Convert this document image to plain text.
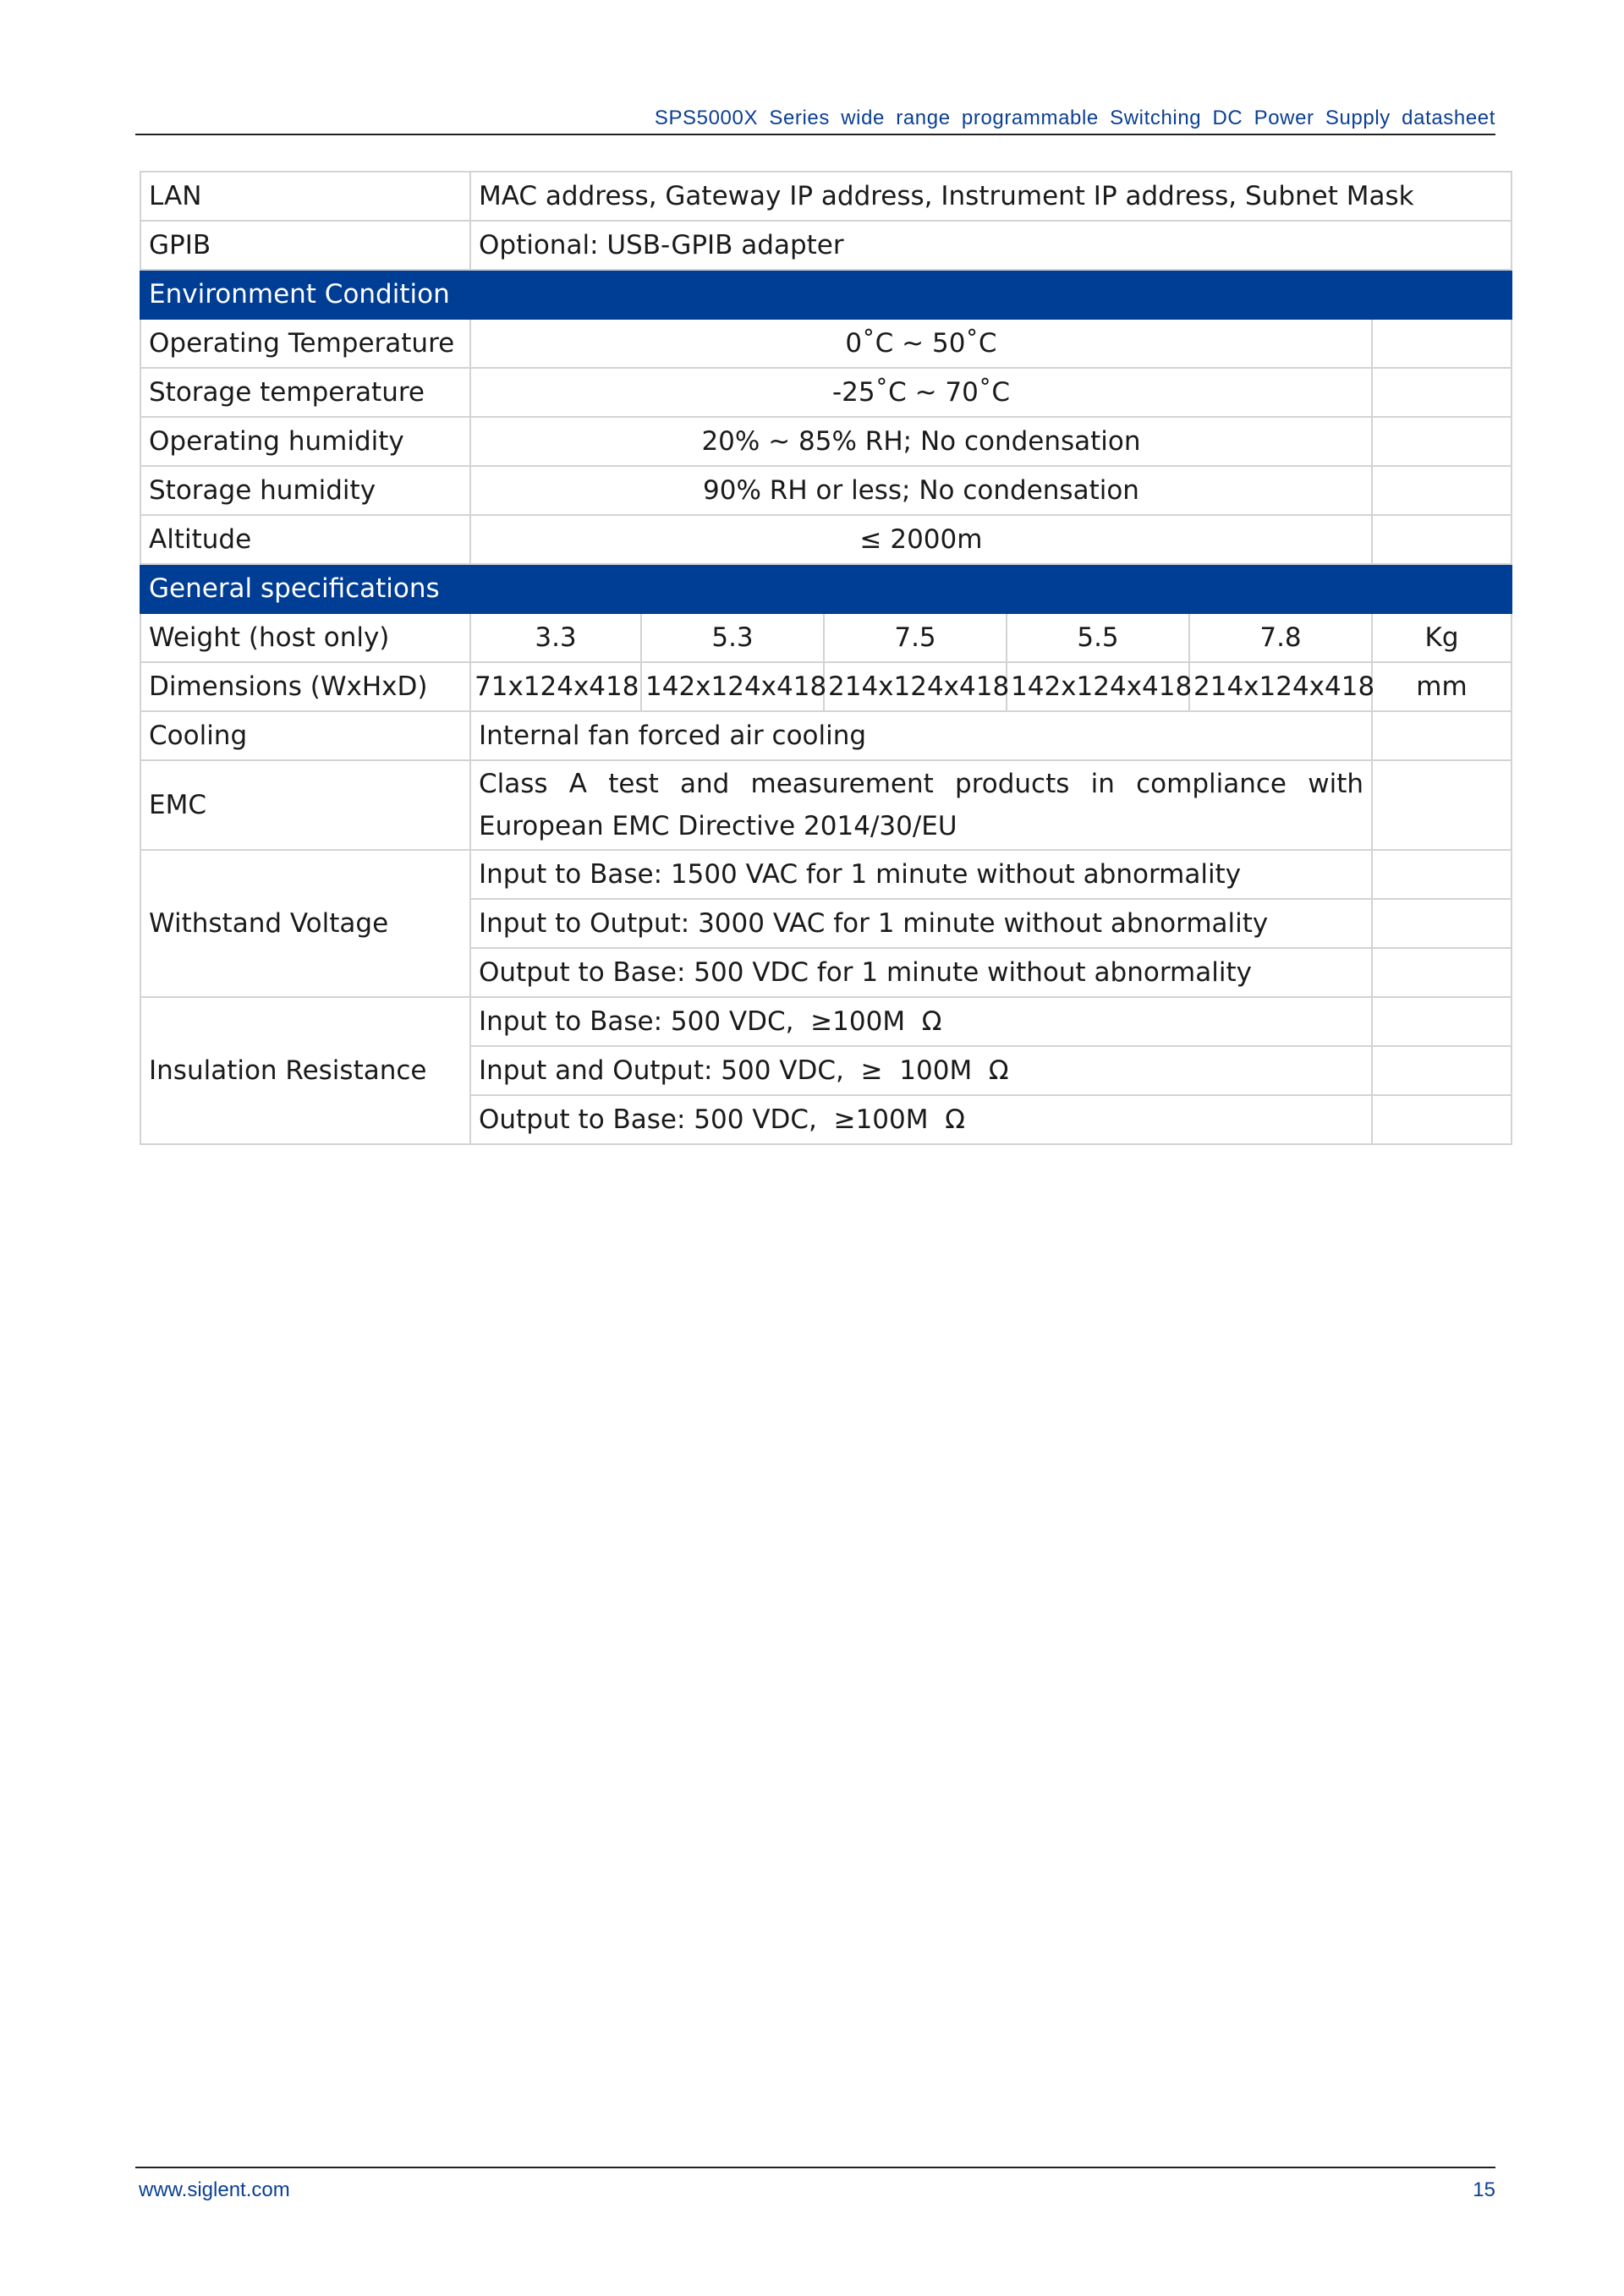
SPS5000X Series wide range programmable Switching DC Power Supply datasheet
LAN	MAC address, Gateway IP address, Instrument IP address, Subnet Mask					
GPIB	Optional: USB-GPIB adapter					
Environment Condition						
Operating Temperature	0˚C ~ 50˚C					
Storage temperature	-25˚C ~ 70˚C					
Operating humidity	20% ~ 85% RH; No condensation					
Storage humidity	90% RH or less; No condensation					
Altitude	≤ 2000m					
General specifications						
Weight (host only)	3.3	5.3	7.5	5.5	7.8	Kg
Dimensions (WxHxD)	71x124x418	142x124x418	214x124x418	142x124x418	214x124x418	mm
Cooling	Internal fan forced air cooling					
EMC	Class A test and measurement products in compliance with European EMC Directive 2014/30/EU					
Withstand Voltage	Input to Base: 1500 VAC for 1 minute without abnormality					
	Input to Output: 3000 VAC for 1 minute without abnormality					
	Output to Base: 500 VDC for 1 minute without abnormality					
Insulation Resistance	Input to Base: 500 VDC,  ≥100M  Ω					
	Input and Output: 500 VDC,  ≥  100M  Ω					
	Output to Base: 500 VDC,  ≥100M  Ω					
www.siglent.com	15
